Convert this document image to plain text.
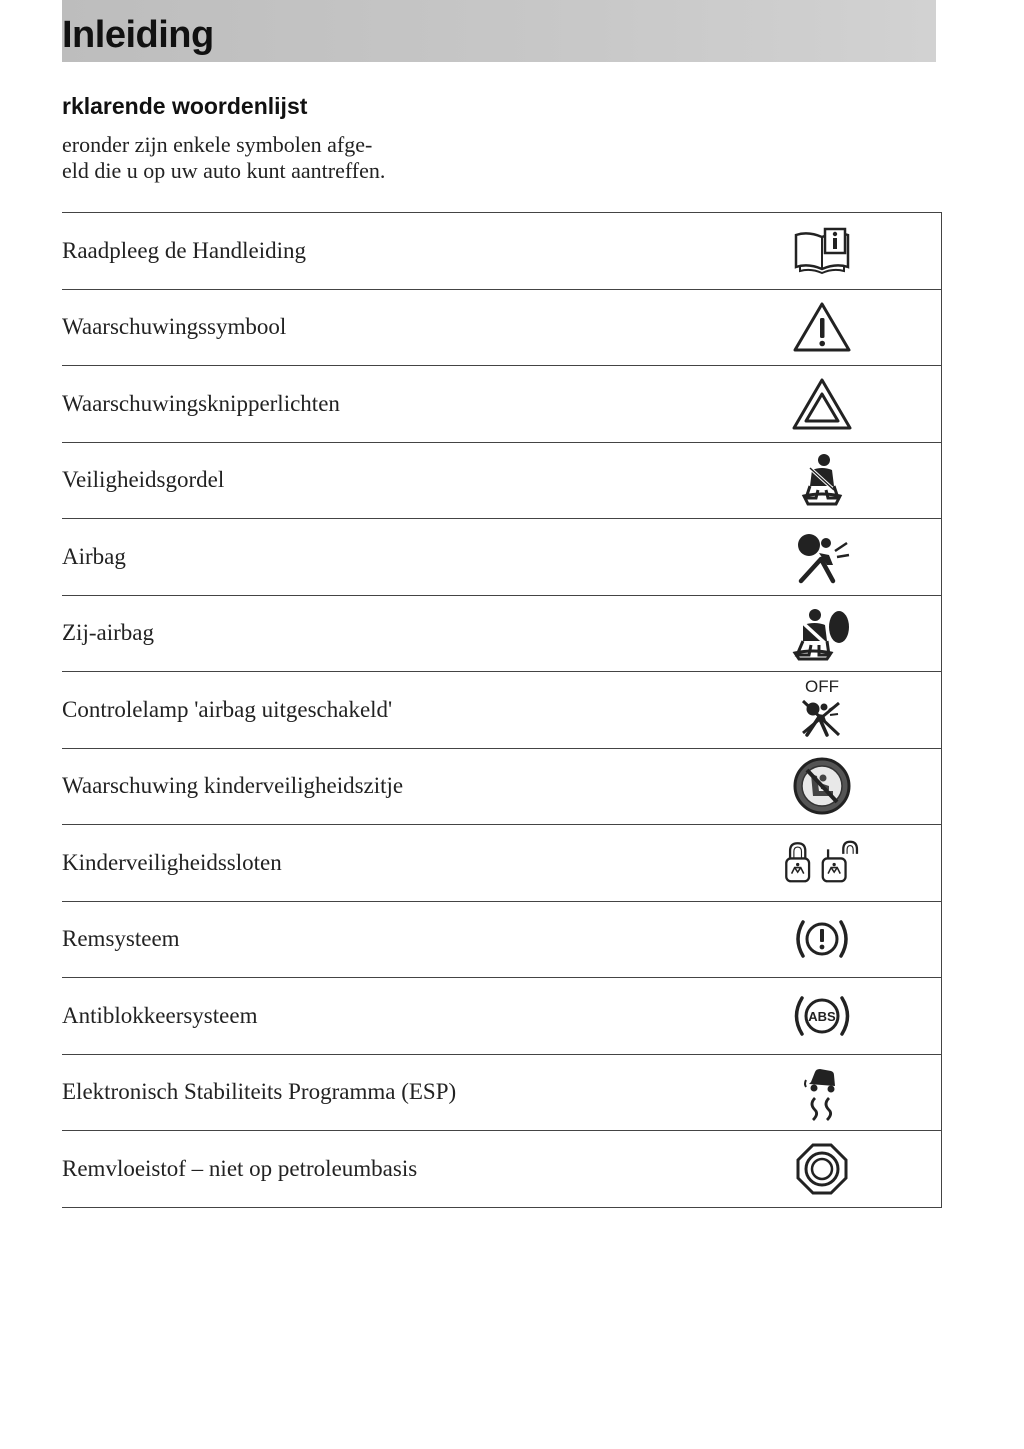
Inleiding
rklarende woordenlijst

eronder zijn enkele symbolen afge-
eld die u op uw auto kunt aantreffen.

Raadpleeg de Handleiding
Waarschuwingssymbool
Waarschuwingsknipperlichten
Veiligheidsgordel
Airbag
Zij-airbag
Controlelamp 'airbag uitgeschakeld'
OFF
Waarschuwing kinderveiligheidszitje
Kinderveiligheidssloten
Remsysteem
Antiblokkeersysteem	ABS
Elektronisch Stabiliteits Programma (ESP)
Remvloeistof – niet op petroleumbasis
